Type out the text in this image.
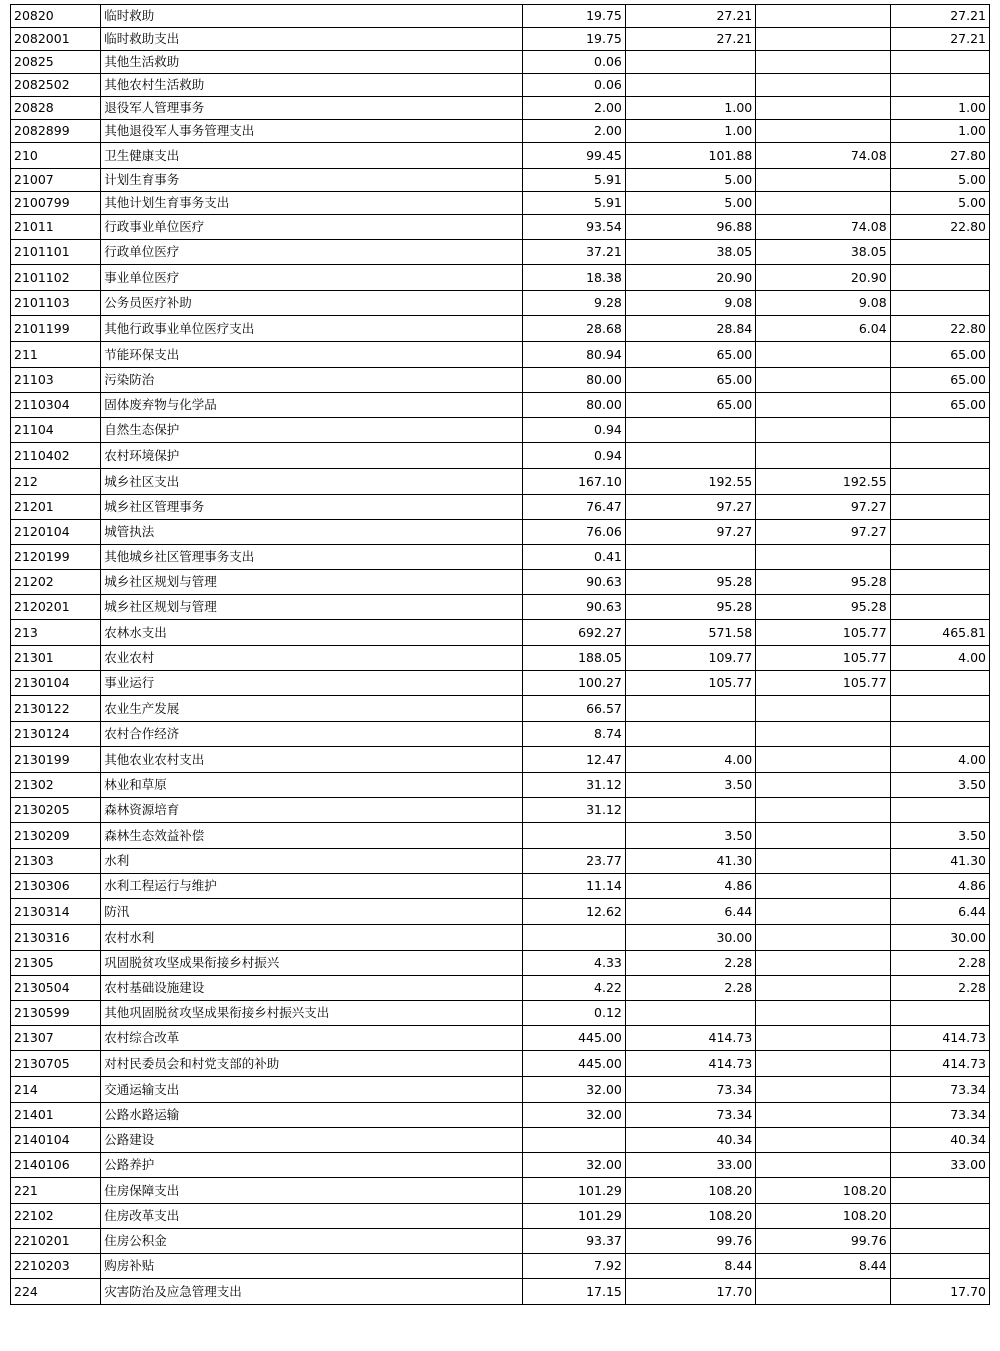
20820	临时救助	19.75	27.21		27.21
2082001	临时救助支出	19.75	27.21		27.21
20825	其他生活救助	0.06			
2082502	其他农村生活救助	0.06			
20828	退役军人管理事务	2.00	1.00		1.00
2082899	其他退役军人事务管理支出	2.00	1.00		1.00
210	卫生健康支出	99.45	101.88	74.08	27.80
21007	计划生育事务	5.91	5.00		5.00
2100799	其他计划生育事务支出	5.91	5.00		5.00
21011	行政事业单位医疗	93.54	96.88	74.08	22.80
2101101	行政单位医疗	37.21	38.05	38.05	
2101102	事业单位医疗	18.38	20.90	20.90	
2101103	公务员医疗补助	9.28	9.08	9.08	
2101199	其他行政事业单位医疗支出	28.68	28.84	6.04	22.80
211	节能环保支出	80.94	65.00		65.00
21103	污染防治	80.00	65.00		65.00
2110304	固体废弃物与化学品	80.00	65.00		65.00
21104	自然生态保护	0.94			
2110402	农村环境保护	0.94			
212	城乡社区支出	167.10	192.55	192.55	
21201	城乡社区管理事务	76.47	97.27	97.27	
2120104	城管执法	76.06	97.27	97.27	
2120199	其他城乡社区管理事务支出	0.41			
21202	城乡社区规划与管理	90.63	95.28	95.28	
2120201	城乡社区规划与管理	90.63	95.28	95.28	
213	农林水支出	692.27	571.58	105.77	465.81
21301	农业农村	188.05	109.77	105.77	4.00
2130104	事业运行	100.27	105.77	105.77	
2130122	农业生产发展	66.57			
2130124	农村合作经济	8.74			
2130199	其他农业农村支出	12.47	4.00		4.00
21302	林业和草原	31.12	3.50		3.50
2130205	森林资源培育	31.12			
2130209	森林生态效益补偿		3.50		3.50
21303	水利	23.77	41.30		41.30
2130306	水利工程运行与维护	11.14	4.86		4.86
2130314	防汛	12.62	6.44		6.44
2130316	农村水利		30.00		30.00
21305	巩固脱贫攻坚成果衔接乡村振兴	4.33	2.28		2.28
2130504	农村基础设施建设	4.22	2.28		2.28
2130599	其他巩固脱贫攻坚成果衔接乡村振兴支出	0.12			
21307	农村综合改革	445.00	414.73		414.73
2130705	对村民委员会和村党支部的补助	445.00	414.73		414.73
214	交通运输支出	32.00	73.34		73.34
21401	公路水路运输	32.00	73.34		73.34
2140104	公路建设		40.34		40.34
2140106	公路养护	32.00	33.00		33.00
221	住房保障支出	101.29	108.20	108.20	
22102	住房改革支出	101.29	108.20	108.20	
2210201	住房公积金	93.37	99.76	99.76	
2210203	购房补贴	7.92	8.44	8.44	
224	灾害防治及应急管理支出	17.15	17.70		17.70
